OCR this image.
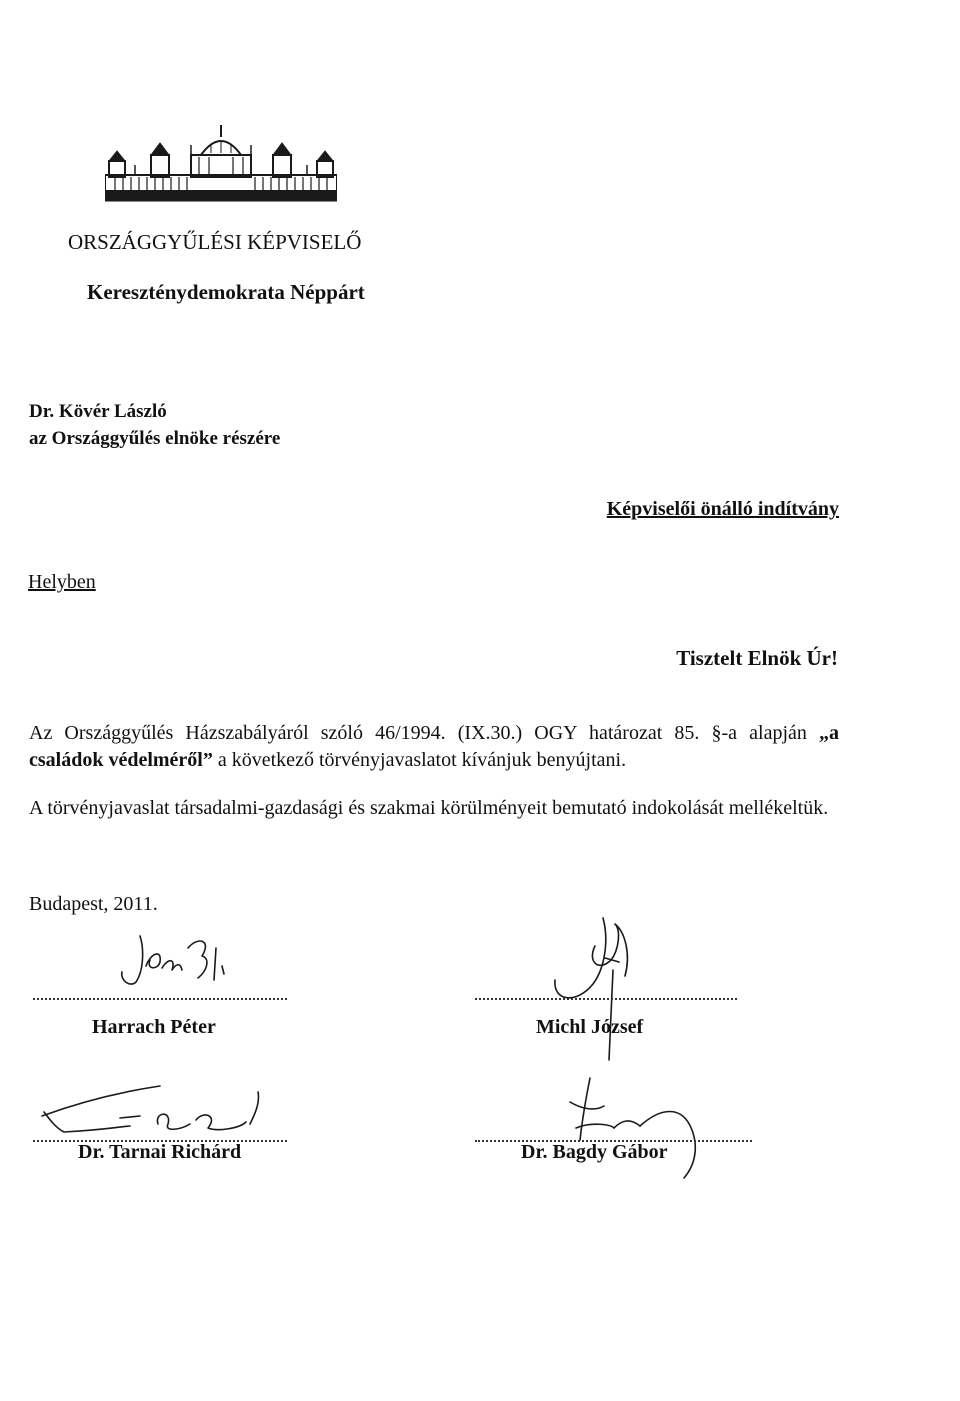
ORSZÁGGYŰLÉSI KÉPVISELŐ
Kereszténydemokrata Néppárt
Dr. Kövér László
az Országgyűlés elnöke részére
Képviselői önálló indítvány
Helyben
Tisztelt Elnök Úr!
Az Országgyűlés Házszabályáról szóló 46/1994. (IX.30.) OGY határozat 85. §-a alapján „a családok védelméről” a következő törvényjavaslatot kívánjuk benyújtani.
A törvényjavaslat társadalmi-gazdasági és szakmai körülményeit bemutató indokolását mellékeltük.
Budapest, 2011.
Harrach Péter	Michl József
Dr. Tarnai Richárd	Dr. Bagdy Gábor
